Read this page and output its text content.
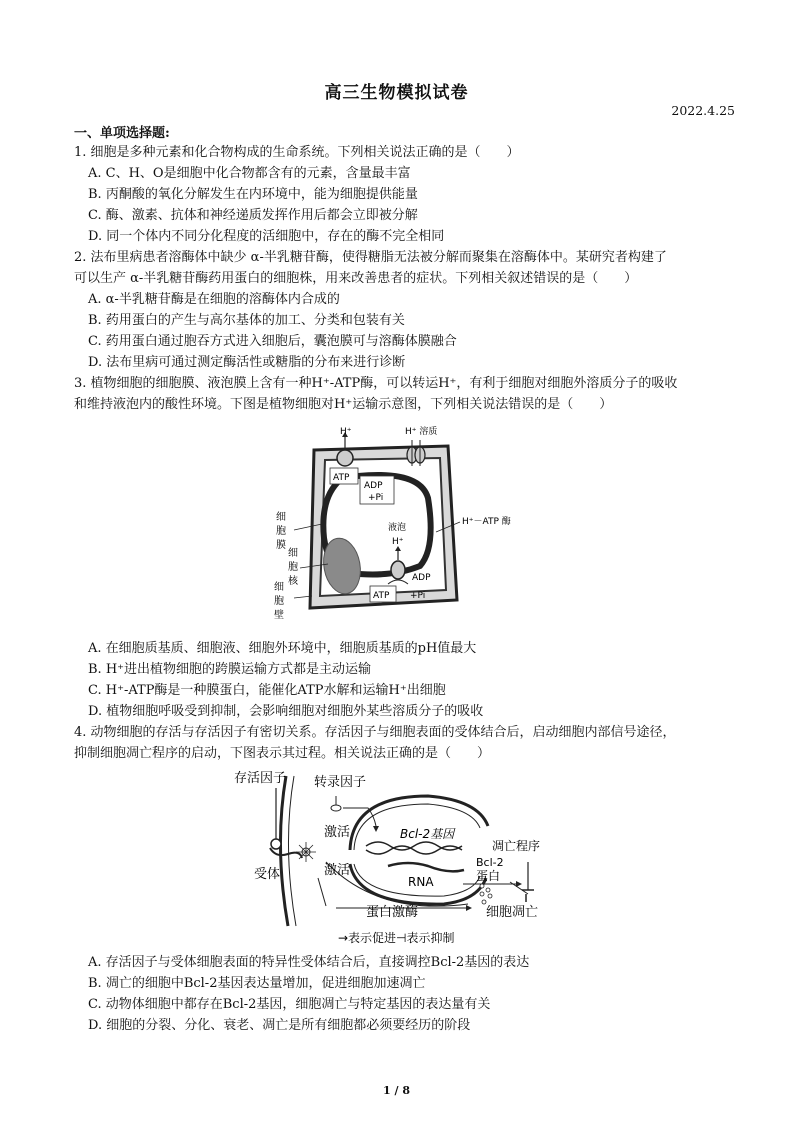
高三生物模拟试卷
2022.4.25
一、单项选择题:
1. 细胞是多种元素和化合物构成的生命系统。下列相关说法正确的是（　　）
A. C、H、O是细胞中化合物都含有的元素，含量最丰富
B. 丙酮酸的氧化分解发生在内环境中，能为细胞提供能量
C. 酶、激素、抗体和神经递质发挥作用后都会立即被分解
D. 同一个体内不同分化程度的活细胞中，存在的酶不完全相同
2. 法布里病患者溶酶体中缺少 α-半乳糖苷酶，使得糖脂无法被分解而聚集在溶酶体中。某研究者构建了
可以生产 α-半乳糖苷酶药用蛋白的细胞株，用来改善患者的症状。下列相关叙述错误的是（　　）
A. α-半乳糖苷酶是在细胞的溶酶体内合成的
B. 药用蛋白的产生与高尔基体的加工、分类和包装有关
C. 药用蛋白通过胞吞方式进入细胞后，囊泡膜可与溶酶体膜融合
D. 法布里病可通过测定酶活性或糖脂的分布来进行诊断
3. 植物细胞的细胞膜、液泡膜上含有一种H⁺-ATP酶，可以转运H⁺，有利于细胞对细胞外溶质分子的吸收
和维持液泡内的酸性环境。下图是植物细胞对H⁺运输示意图，下列相关说法错误的是（　　）
H⁺	H⁺ 溶质
ATP
ADP
+Pi
液泡
H⁺
H⁺－ATP 酶
ATP
ADP
+Pi
细
胞
膜
细
胞
核
细
胞
壁
A. 在细胞质基质、细胞液、细胞外环境中，细胞质基质的pH值最大
B. H⁺进出植物细胞的跨膜运输方式都是主动运输
C. H⁺-ATP酶是一种膜蛋白，能催化ATP水解和运输H⁺出细胞
D. 植物细胞呼吸受到抑制，会影响细胞对细胞外某些溶质分子的吸收
4. 动物细胞的存活与存活因子有密切关系。存活因子与细胞表面的受体结合后，启动细胞内部信号途径，
抑制细胞凋亡程序的启动，下图表示其过程。相关说法正确的是（　　）
存活因子 转录因子
激活	Bcl-2基因
凋亡程序
受体	激活
RNA
Bcl-2
蛋白
蛋白激酶	细胞凋亡
→表示促进⊣表示抑制
A. 存活因子与受体细胞表面的特异性受体结合后，直接调控Bcl-2基因的表达
B. 凋亡的细胞中Bcl-2基因表达量增加，促进细胞加速凋亡
C. 动物体细胞中都存在Bcl-2基因，细胞凋亡与特定基因的表达量有关
D. 细胞的分裂、分化、衰老、凋亡是所有细胞都必须要经历的阶段
1 / 8
